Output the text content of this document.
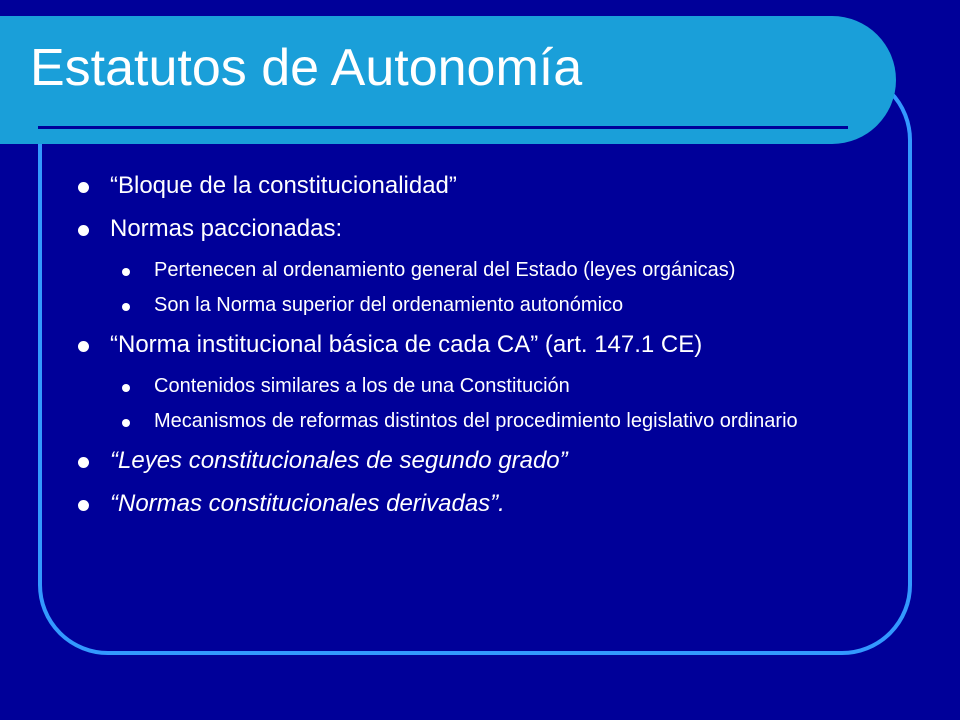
Estatutos de Autonomía
“Bloque de la constitucionalidad”
Normas paccionadas:
Pertenecen al ordenamiento general del Estado (leyes orgánicas)
Son la Norma superior del ordenamiento autonómico
“Norma institucional básica de cada CA” (art. 147.1 CE)
Contenidos similares a los de una Constitución
Mecanismos de reformas distintos del procedimiento legislativo ordinario
“Leyes constitucionales de segundo grado”
“Normas constitucionales derivadas”.
